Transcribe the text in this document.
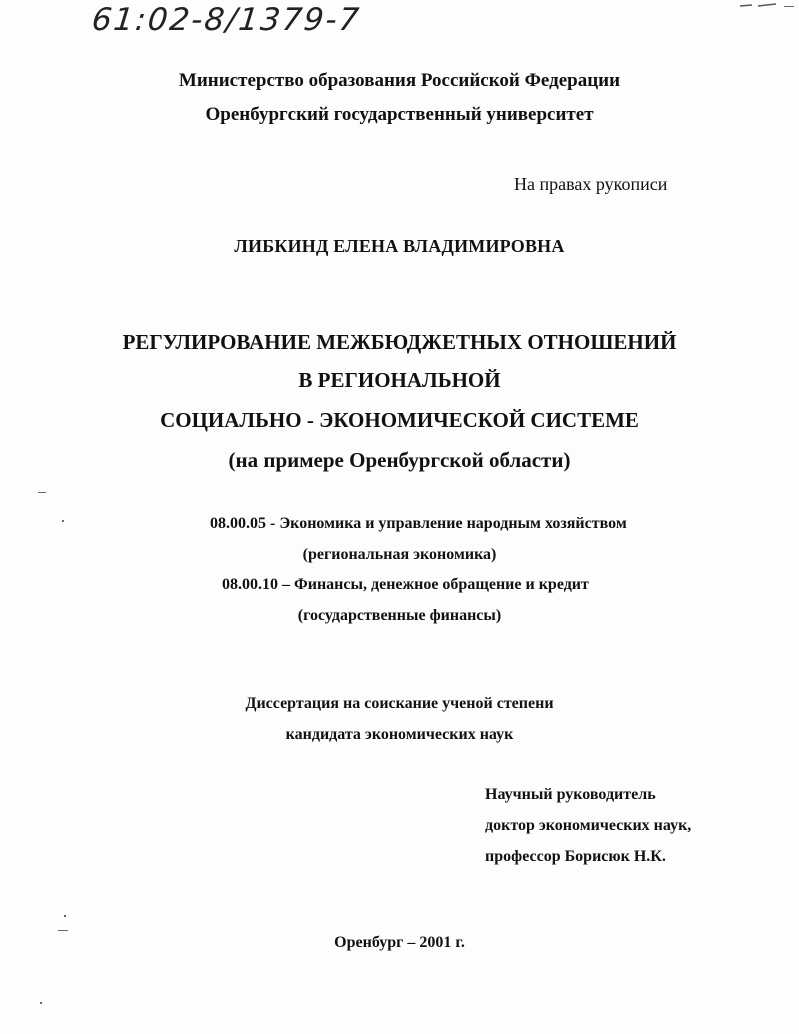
61:02-8/1379-7
Министерство образования Российской Федерации
Оренбургский государственный университет
На правах рукописи
ЛИБКИНД ЕЛЕНА ВЛАДИМИРОВНА
РЕГУЛИРОВАНИЕ МЕЖБЮДЖЕТНЫХ ОТНОШЕНИЙ
В РЕГИОНАЛЬНОЙ
СОЦИАЛЬНО - ЭКОНОМИЧЕСКОЙ СИСТЕМЕ
(на примере Оренбургской области)
08.00.05 - Экономика и управление народным хозяйством
(региональная экономика)
08.00.10 – Финансы, денежное обращение и кредит
(государственные финансы)
Диссертация на соискание ученой степени
кандидата экономических наук
Научный руководитель
доктор экономических наук,
профессор Борисюк Н.К.
Оренбург – 2001 г.
